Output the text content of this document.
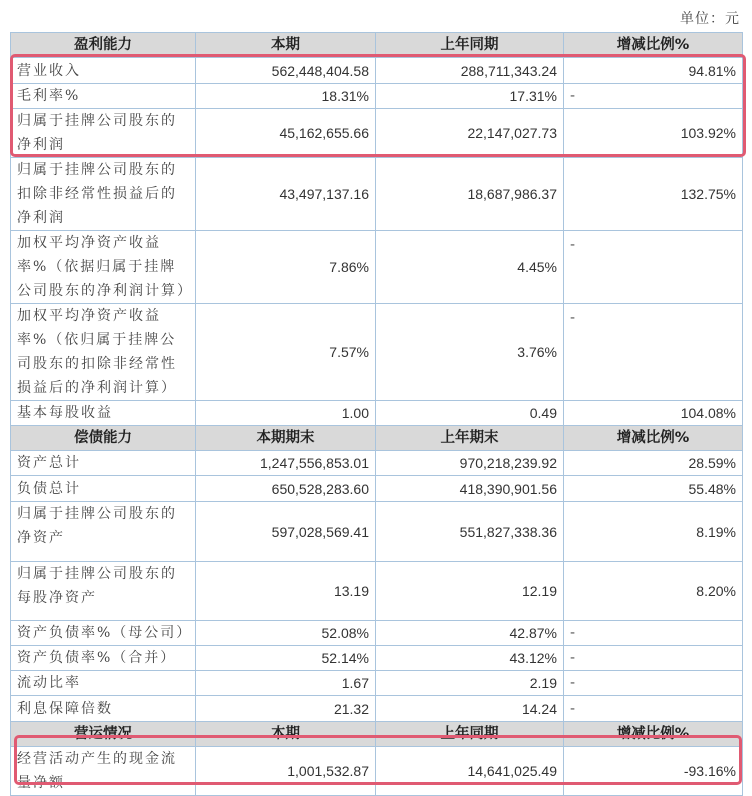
单位：元
盈利能力	本期	上年同期	增减比例%
营业收入	562,448,404.58	288,711,343.24	94.81%
毛利率%	18.31%	17.31%	-
归属于挂牌公司股东的净利润	45,162,655.66	22,147,027.73	103.92%
归属于挂牌公司股东的扣除非经常性损益后的净利润	43,497,137.16	18,687,986.37	132.75%
加权平均净资产收益率%（依据归属于挂牌公司股东的净利润计算）	7.86%	4.45%	-
加权平均净资产收益率%（依归属于挂牌公司股东的扣除非经常性损益后的净利润计算）	7.57%	3.76%	-
基本每股收益	1.00	0.49	104.08%
偿债能力	本期期末	上年期末	增减比例%
资产总计	1,247,556,853.01	970,218,239.92	28.59%
负债总计	650,528,283.60	418,390,901.56	55.48%
归属于挂牌公司股东的净资产	597,028,569.41	551,827,338.36	8.19%
归属于挂牌公司股东的每股净资产	13.19	12.19	8.20%
资产负债率%（母公司）	52.08%	42.87%	-
资产负债率%（合并）	52.14%	43.12%	-
流动比率	1.67	2.19	-
利息保障倍数	21.32	14.24	-
营运情况	本期	上年同期	增减比例%
经营活动产生的现金流量净额	1,001,532.87	14,641,025.49	-93.16%
